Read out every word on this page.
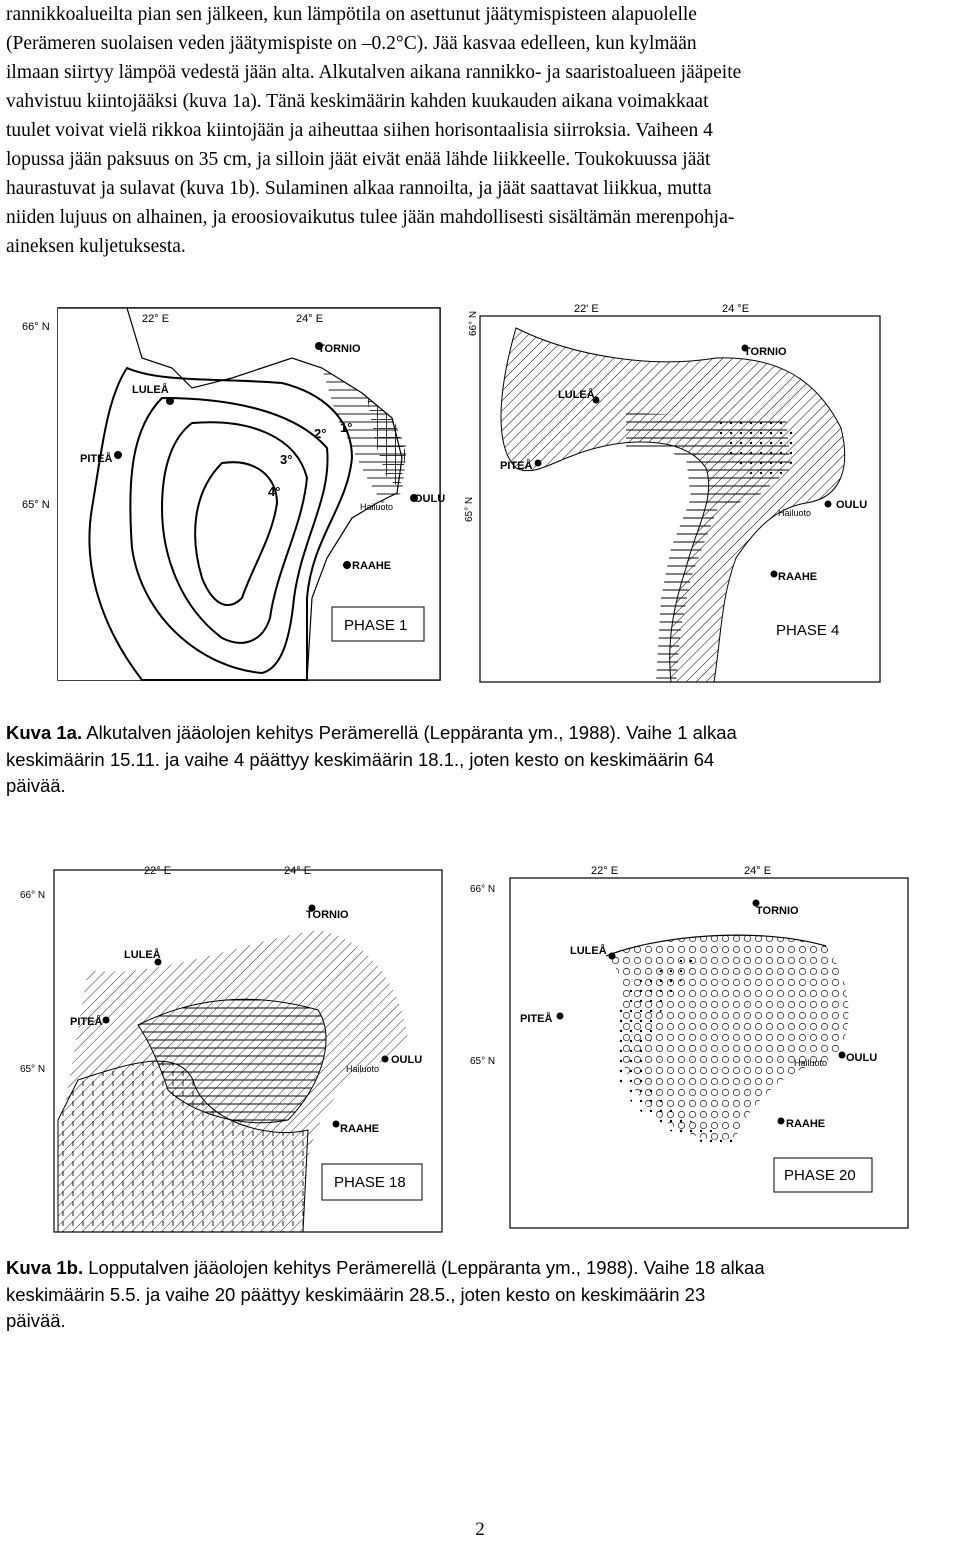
rannikkoalueilta pian sen jälkeen, kun lämpötila on asettunut jäätymispisteen alapuolelle
(Perämeren suolaisen veden jäätymispiste on –0.2°C). Jää kasvaa edelleen, kun kylmään
ilmaan siirtyy lämpöä vedestä jään alta. Alkutalven aikana rannikko- ja saaristoalueen jääpeite
vahvistuu kiintojääksi (kuva 1a). Tänä keskimäärin kahden kuukauden aikana voimakkaat
tuulet voivat vielä rikkoa kiintojään ja aiheuttaa siihen horisontaalisia siirroksia. Vaiheen 4
lopussa jään paksuus on 35 cm, ja silloin jäät eivät enää lähde liikkeelle. Toukokuussa jäät
haurastuvat ja sulavat (kuva 1b). Sulaminen alkaa rannoilta, ja jäät saattavat liikkua, mutta
niiden lujuus on alhainen, ja eroosiovaikutus tulee jään mahdollisesti sisältämän merenpohja-
aineksen kuljetuksesta.
22° E	24° E
66° N
65° N
TORNIO
LULEÅ
PITEÅ
OULU
Hailuoto
RAAHE
1°
2°
3°
4°
PHASE 1
22' E	24 °E
66° N
65° N
TORNIO
LULEÅ
PITEÅ
OULU
Hailuoto
RAAHE
PHASE 4
Kuva 1a. Alkutalven jääolojen kehitys Perämerellä (Leppäranta ym., 1988). Vaihe 1 alkaa
keskimäärin 15.11. ja vaihe 4 päättyy keskimäärin 18.1., joten kesto on keskimäärin 64
päivää.
22° E	24° E
66° N
65° N
TORNIO
LULEÅ
PITEÅ
OULU
Hailuoto
RAAHE
PHASE 18
22° E	24° E
66° N
65° N
TORNIO
LULEÅ
PITEÅ
OULU
Hailuoto
RAAHE
PHASE 20
Kuva 1b. Lopputalven jääolojen kehitys Perämerellä (Leppäranta ym., 1988). Vaihe 18 alkaa
keskimäärin 5.5. ja vaihe 20 päättyy keskimäärin 28.5., joten kesto on keskimäärin 23
päivää.
2
